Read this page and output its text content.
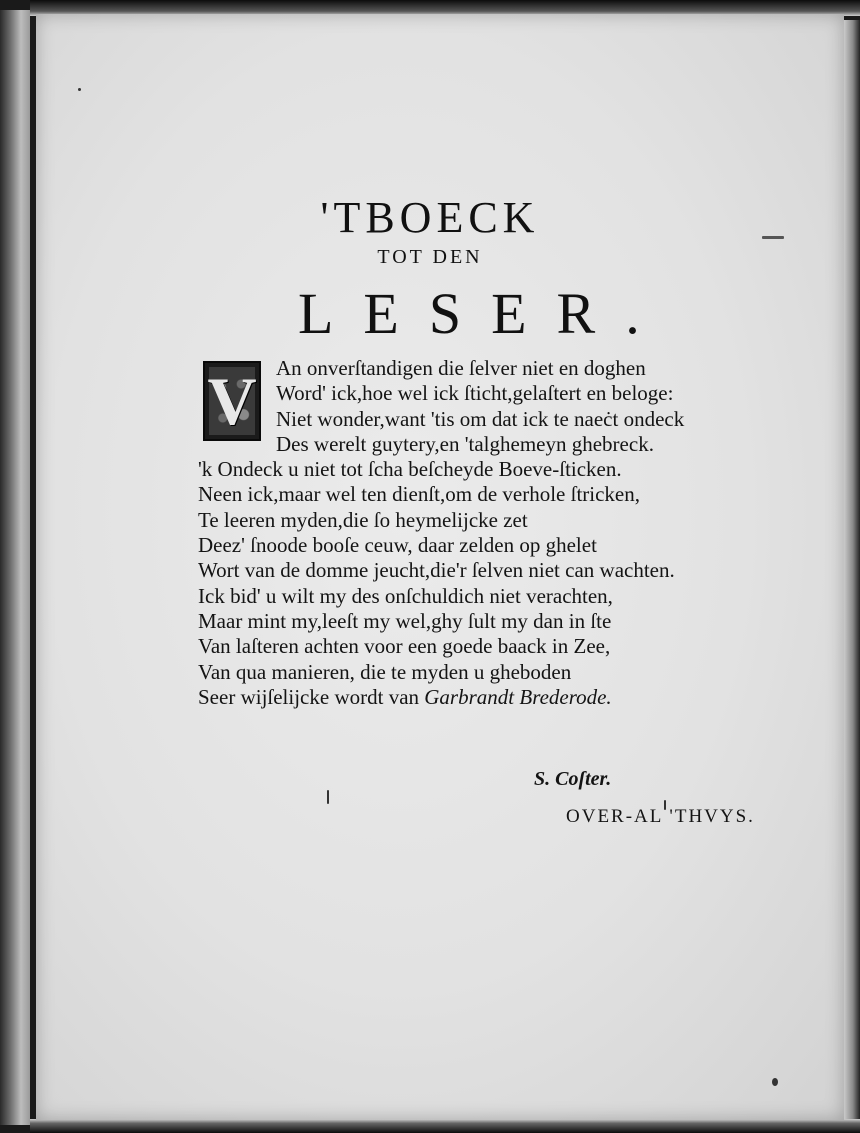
'TBOECK
TOT DEN
LESER.
V An onverſtandigen die ſelver niet en doghen
Word' ick,hoe wel ick ſticht,gelaſtert en beloge:
Niet wonder,want 'tis om dat ick te naeċt ondeck
Des werelt guytery,en 'talghemeyn ghebreck.
'k Ondeck u niet tot ſcha beſcheyde Boeve-ſticken.
Neen ick,maar wel ten dienſt,om de verhole ſtricken,
Te leeren myden,die ſo heymelijcke zet
Deez' ſnoode booſe ceuw, daar zelden op ghelet
Wort van de domme jeucht,die'r ſelven niet can wachten.
Ick bid' u wilt my des onſchuldich niet verachten,
Maar mint my,leeſt my wel,ghy ſult my dan in ſte
Van laſteren achten voor een goede baack in Zee,
Van qua manieren, die te myden u gheboden
Seer wijſelijcke wordt van Garbrandt Brederode.
S. Coſter.
OVER-AL 'THVYS.
